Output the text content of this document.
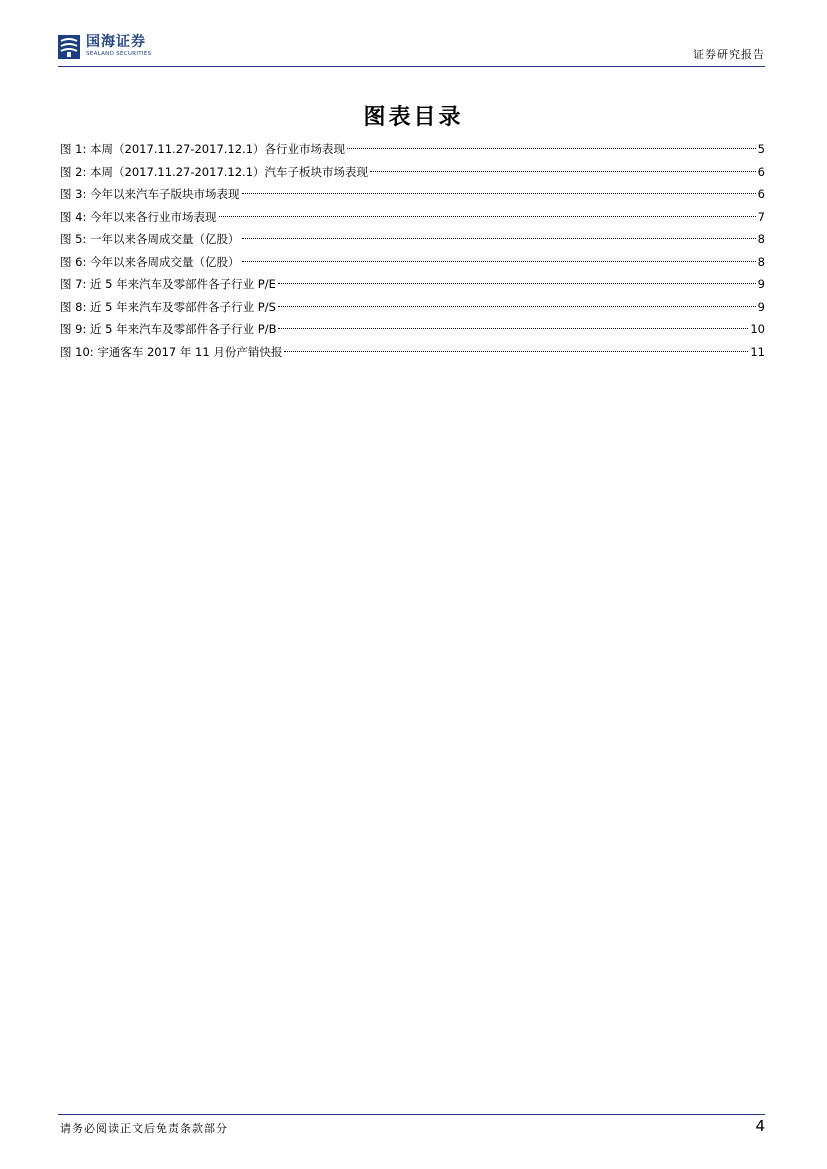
国海证券
SEALAND SECURITIES	证券研究报告
图表目录
图 1: 本周（2017.11.27-2017.12.1）各行业市场表现	5
图 2: 本周（2017.11.27-2017.12.1）汽车子板块市场表现	6
图 3: 今年以来汽车子版块市场表现	6
图 4: 今年以来各行业市场表现	7
图 5: 一年以来各周成交量（亿股）	8
图 6: 今年以来各周成交量（亿股）	8
图 7: 近 5 年来汽车及零部件各子行业 P/E	9
图 8: 近 5 年来汽车及零部件各子行业 P/S	9
图 9: 近 5 年来汽车及零部件各子行业 P/B	10
图 10: 宇通客车 2017 年 11 月份产销快报	11
请务必阅读正文后免责条款部分	4
